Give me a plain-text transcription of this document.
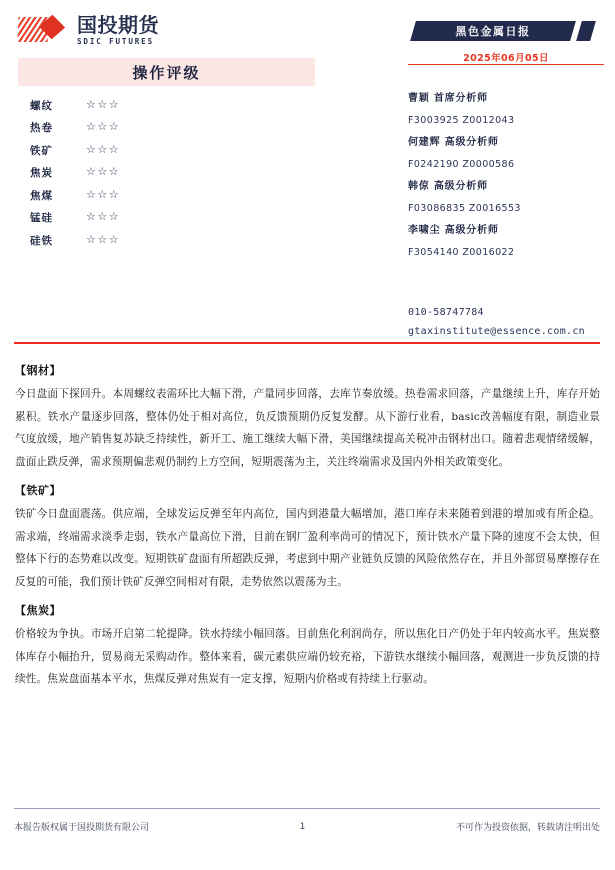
国投期货
SDIC FUTURES
操作评级
螺纹	☆☆☆
热卷	☆☆☆
铁矿	☆☆☆
焦炭	☆☆☆
焦煤	☆☆☆
锰硅	☆☆☆
硅铁	☆☆☆
黑色金属日报
2025年06月05日
曹颖 首席分析师
F3003925 Z0012043
何建辉 高级分析师
F0242190 Z0000586
韩倞 高级分析师
F03086835 Z0016553
李啸尘 高级分析师
F3054140 Z0016022
010-58747784
gtaxinstitute@essence.com.cn
【钢材】
今日盘面下探回升。本周螺纹表需环比大幅下滑，产量同步回落，去库节奏放缓。热卷需求回落，产量继续上升，库存开始累积。铁水产量逐步回落，整体仍处于相对高位，负反馈预期仍反复发酵。从下游行业看，basic改善幅度有限，制造业景气度放缓，地产销售复苏缺乏持续性，新开工、施工继续大幅下滑，美国继续提高关税冲击钢材出口。随着悲观情绪缓解，盘面止跌反弹，需求预期偏悲观仍制约上方空间，短期震荡为主，关注终端需求及国内外相关政策变化。
【铁矿】
铁矿今日盘面震荡。供应端，全球发运反弹至年内高位，国内到港量大幅增加，港口库存未来随着到港的增加或有所企稳。需求端，终端需求淡季走弱，铁水产量高位下滑，目前在钢厂盈利率尚可的情况下，预计铁水产量下降的速度不会太快，但整体下行的态势难以改变。短期铁矿盘面有所超跌反弹，考虑到中期产业链负反馈的风险依然存在，并且外部贸易摩擦存在反复的可能，我们预计铁矿反弹空间相对有限，走势依然以震荡为主。
【焦炭】
价格较为争执。市场开启第二轮提降。铁水持续小幅回落。目前焦化利润尚存，所以焦化日产仍处于年内较高水平。焦炭整体库存小幅抬升，贸易商无采购动作。整体来看，碳元素供应端仍较充裕，下游铁水继续小幅回落，观测进一步负反馈的持续性。焦炭盘面基本平水，焦煤反弹对焦炭有一定支撑，短期内价格或有持续上行驱动。
本报告版权属于国投期货有限公司	1	不可作为投资依据，转载请注明出处
